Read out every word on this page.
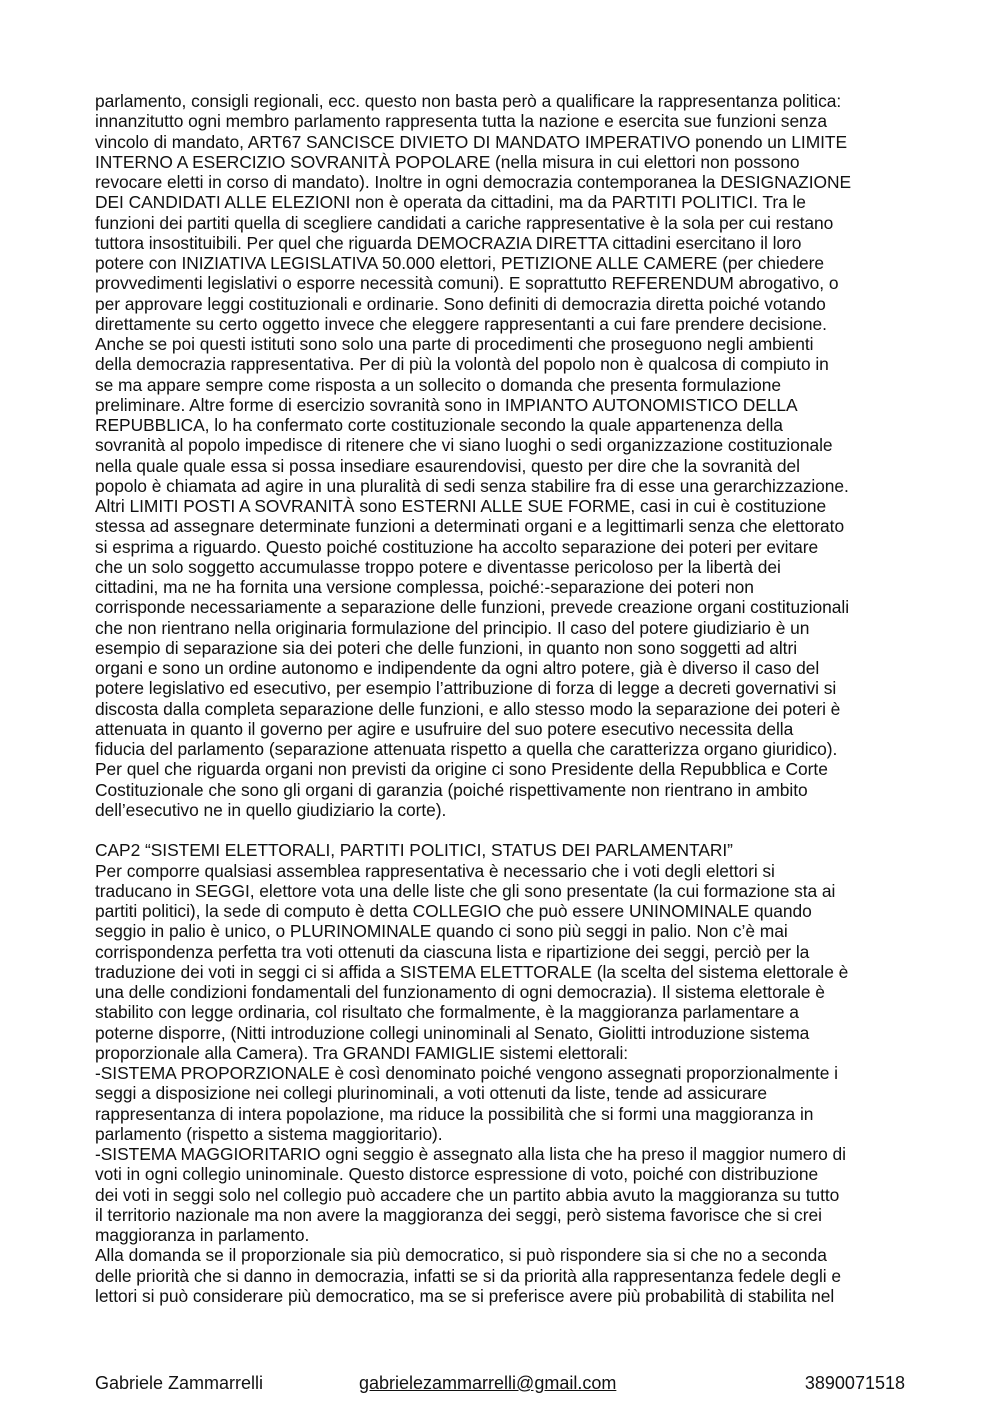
parlamento, consigli regionali, ecc. questo non basta però a qualificare la rappresentanza politica:
innanzitutto ogni membro parlamento rappresenta tutta la nazione e esercita sue funzioni senza
vincolo di mandato, ART67 SANCISCE DIVIETO DI MANDATO IMPERATIVO ponendo un LIMITE
INTERNO A ESERCIZIO SOVRANITÀ POPOLARE (nella misura in cui elettori non possono
revocare eletti in corso di mandato). Inoltre in ogni democrazia contemporanea la DESIGNAZIONE
DEI CANDIDATI ALLE ELEZIONI non è operata da cittadini, ma da PARTITI POLITICI. Tra le
funzioni dei partiti quella di scegliere candidati a cariche rappresentative è la sola per cui restano
tuttora insostituibili. Per quel che riguarda DEMOCRAZIA DIRETTA cittadini esercitano il loro
potere con INIZIATIVA LEGISLATIVA 50.000 elettori, PETIZIONE ALLE CAMERE (per chiedere
provvedimenti legislativi o esporre necessità comuni). E soprattutto REFERENDUM abrogativo, o
per approvare leggi costituzionali e ordinarie. Sono definiti di democrazia diretta poiché votando
direttamente su certo oggetto invece che eleggere rappresentanti a cui fare prendere decisione.
Anche se poi questi istituti sono solo una parte di procedimenti che proseguono negli ambienti
della democrazia rappresentativa. Per di più la volontà del popolo non è qualcosa di compiuto in
se ma appare sempre come risposta a un sollecito o domanda che presenta formulazione
preliminare. Altre forme di esercizio sovranità sono in IMPIANTO AUTONOMISTICO DELLA
REPUBBLICA, lo ha confermato corte costituzionale secondo la quale appartenenza della
sovranità al popolo impedisce di ritenere che vi siano luoghi o sedi organizzazione costituzionale
nella quale quale essa si possa insediare esaurendovisi, questo per dire che la sovranità del
popolo è chiamata ad agire in una pluralità di sedi senza stabilire fra di esse una gerarchizzazione.
Altri LIMITI POSTI A SOVRANITÀ sono ESTERNI ALLE SUE FORME, casi in cui è costituzione
stessa ad assegnare determinate funzioni a determinati organi e a legittimarli senza che elettorato
si esprima a riguardo. Questo poiché costituzione ha accolto separazione dei poteri per evitare
che un solo soggetto accumulasse troppo potere e diventasse pericoloso per la libertà dei
cittadini, ma ne ha fornita una versione complessa, poiché:-separazione dei poteri non
corrisponde necessariamente a separazione delle funzioni, prevede creazione organi costituzionali
che non rientrano nella originaria formulazione del principio. Il caso del potere giudiziario è un
esempio di separazione sia dei poteri che delle funzioni, in quanto non sono soggetti ad altri
organi e sono un ordine autonomo e indipendente da ogni altro potere, già è diverso il caso del
potere legislativo ed esecutivo, per esempio l’attribuzione di forza di legge a decreti governativi si
discosta dalla completa separazione delle funzioni, e allo stesso modo la separazione dei poteri è
attenuata in quanto il governo per agire e usufruire del suo potere esecutivo necessita della
fiducia del parlamento (separazione attenuata rispetto a quella che caratterizza organo giuridico).
Per quel che riguarda organi non previsti da origine ci sono Presidente della Repubblica e Corte
Costituzionale che sono gli organi di garanzia (poiché rispettivamente non rientrano in ambito
dell’esecutivo ne in quello giudiziario la corte).
CAP2 “SISTEMI ELETTORALI, PARTITI POLITICI, STATUS DEI PARLAMENTARI”
Per comporre qualsiasi assemblea rappresentativa è necessario che i voti degli elettori si
traducano in SEGGI, elettore vota una delle liste che gli sono presentate (la cui formazione sta ai
partiti politici), la sede di computo è detta COLLEGIO che può essere UNINOMINALE quando
seggio in palio è unico, o PLURINOMINALE quando ci sono più seggi in palio. Non c’è mai
corrispondenza perfetta tra voti ottenuti da ciascuna lista e ripartizione dei seggi, perciò per la
traduzione dei voti in seggi ci si affida a SISTEMA ELETTORALE (la scelta del sistema elettorale è
una delle condizioni fondamentali del funzionamento di ogni democrazia). Il sistema elettorale è
stabilito con legge ordinaria, col risultato che formalmente, è la maggioranza parlamentare a
poterne disporre, (Nitti introduzione collegi uninominali al Senato, Giolitti introduzione sistema
proporzionale alla Camera). Tra GRANDI FAMIGLIE sistemi elettorali:
-SISTEMA PROPORZIONALE è così denominato poiché vengono assegnati proporzionalmente i
seggi a disposizione nei collegi plurinominali, a voti ottenuti da liste, tende ad assicurare
rappresentanza di intera popolazione, ma riduce la possibilità che si formi una maggioranza in
parlamento (rispetto a sistema maggioritario).
-SISTEMA MAGGIORITARIO ogni seggio è assegnato alla lista che ha preso il maggior numero di
voti in ogni collegio uninominale. Questo distorce espressione di voto, poiché con distribuzione
dei voti in seggi solo nel collegio può accadere che un partito abbia avuto la maggioranza su tutto
il territorio nazionale ma non avere la maggioranza dei seggi, però sistema favorisce che si crei
maggioranza in parlamento.
Alla domanda se il proporzionale sia più democratico, si può rispondere sia si che no a seconda
delle priorità che si danno in democrazia, infatti se si da priorità alla rappresentanza fedele degli e
lettori si può considerare più democratico, ma se si preferisce avere più probabilità di stabilita nel
Gabriele Zammarrelli	gabrielezammarrelli@gmail.com	3890071518
